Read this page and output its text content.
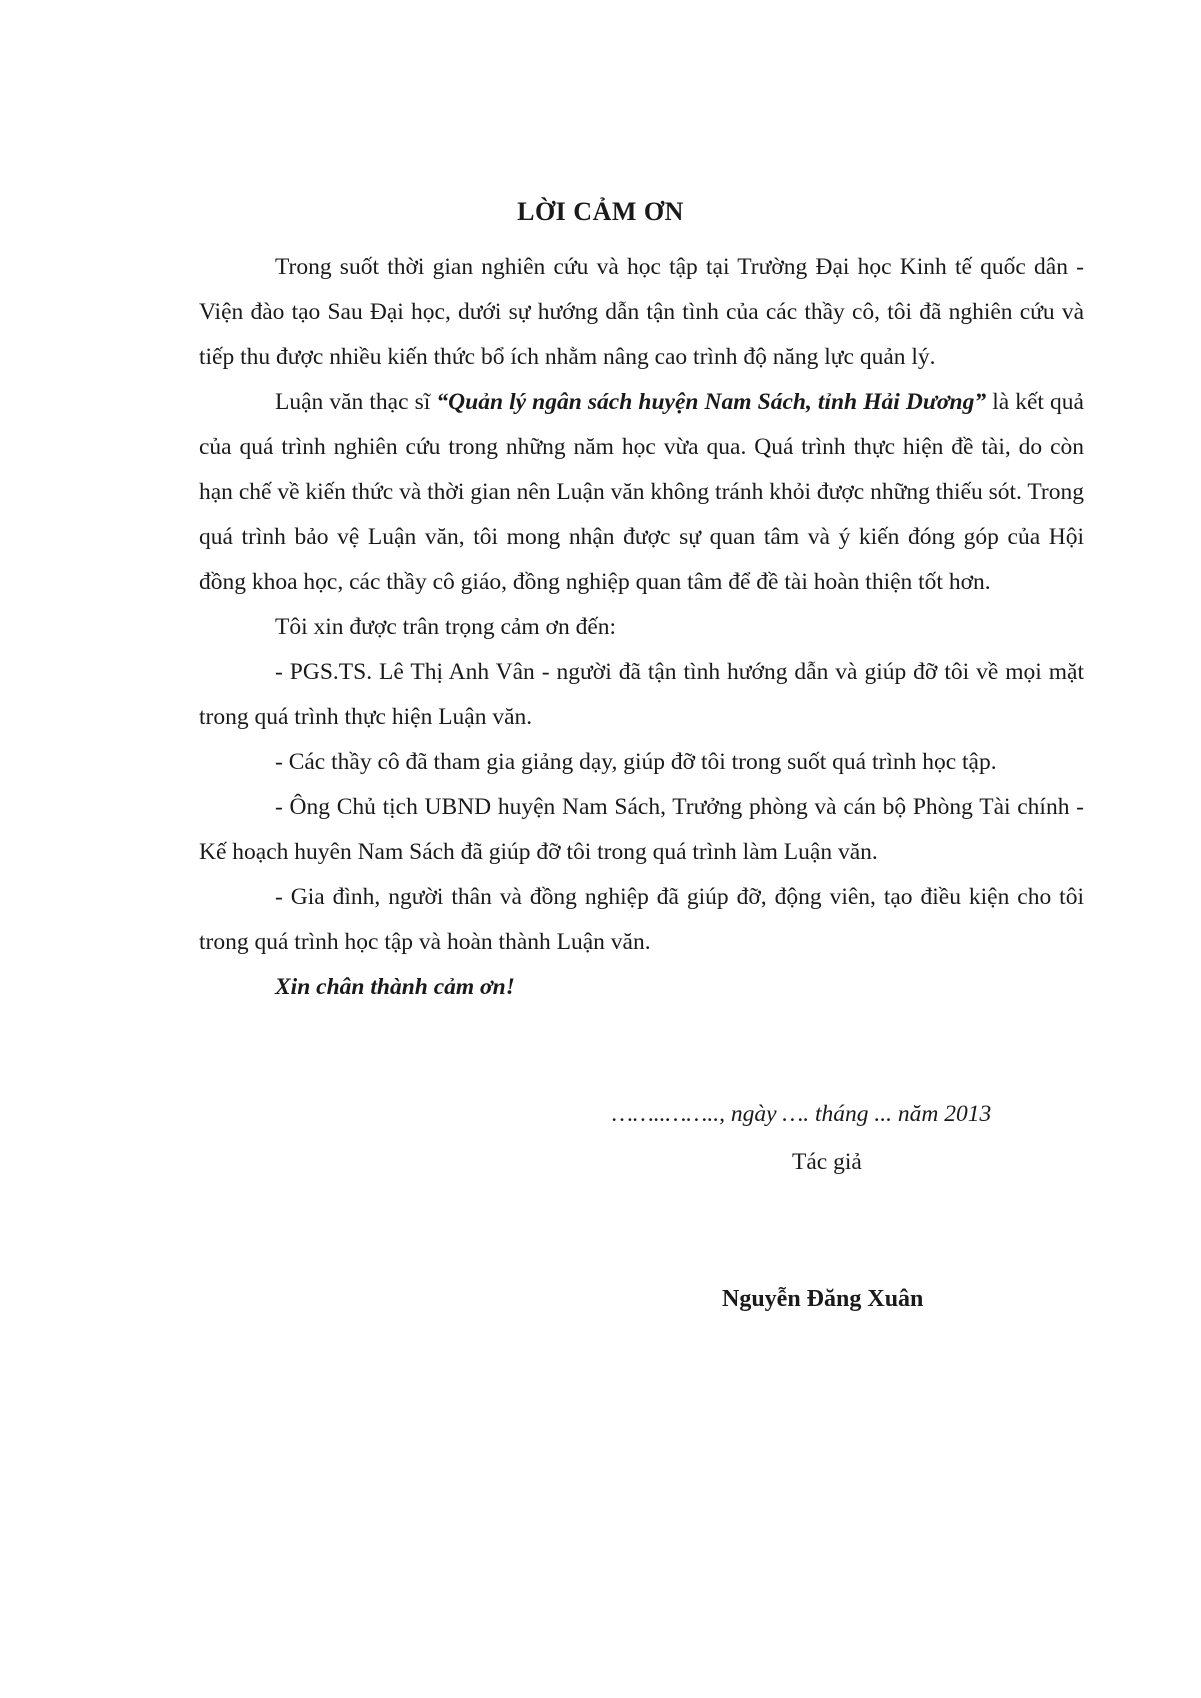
LỜI CẢM ƠN

Trong suốt thời gian nghiên cứu và học tập tại Trường Đại học Kinh tế quốc dân - Viện đào tạo Sau Đại học, dưới sự hướng dẫn tận tình của các thầy cô, tôi đã nghiên cứu và tiếp thu được nhiều kiến thức bổ ích nhằm nâng cao trình độ năng lực quản lý.

Luận văn thạc sĩ “Quản lý ngân sách huyện Nam Sách, tỉnh Hải Dương” là kết quả của quá trình nghiên cứu trong những năm học vừa qua. Quá trình thực hiện đề tài, do còn hạn chế về kiến thức và thời gian nên Luận văn không tránh khỏi được những thiếu sót. Trong quá trình bảo vệ Luận văn, tôi mong nhận được sự quan tâm và ý kiến đóng góp của Hội đồng khoa học, các thầy cô giáo, đồng nghiệp quan tâm để đề tài hoàn thiện tốt hơn.

Tôi xin được trân trọng cảm ơn đến:

- PGS.TS. Lê Thị Anh Vân - người đã tận tình hướng dẫn và giúp đỡ tôi về mọi mặt trong quá trình thực hiện Luận văn.

- Các thầy cô đã tham gia giảng dạy, giúp đỡ tôi trong suốt quá trình học tập.

- Ông Chủ tịch UBND huyện Nam Sách, Trưởng phòng và cán bộ Phòng Tài chính - Kế hoạch huyên Nam Sách đã giúp đỡ tôi trong quá trình làm Luận văn.

- Gia đình, người thân và đồng nghiệp đã giúp đỡ, động viên, tạo điều kiện cho tôi trong quá trình học tập và hoàn thành Luận văn.

Xin chân thành cảm ơn!

……..…….., ngày …. tháng ... năm 2013
Tác giả
Nguyễn Đăng Xuân
